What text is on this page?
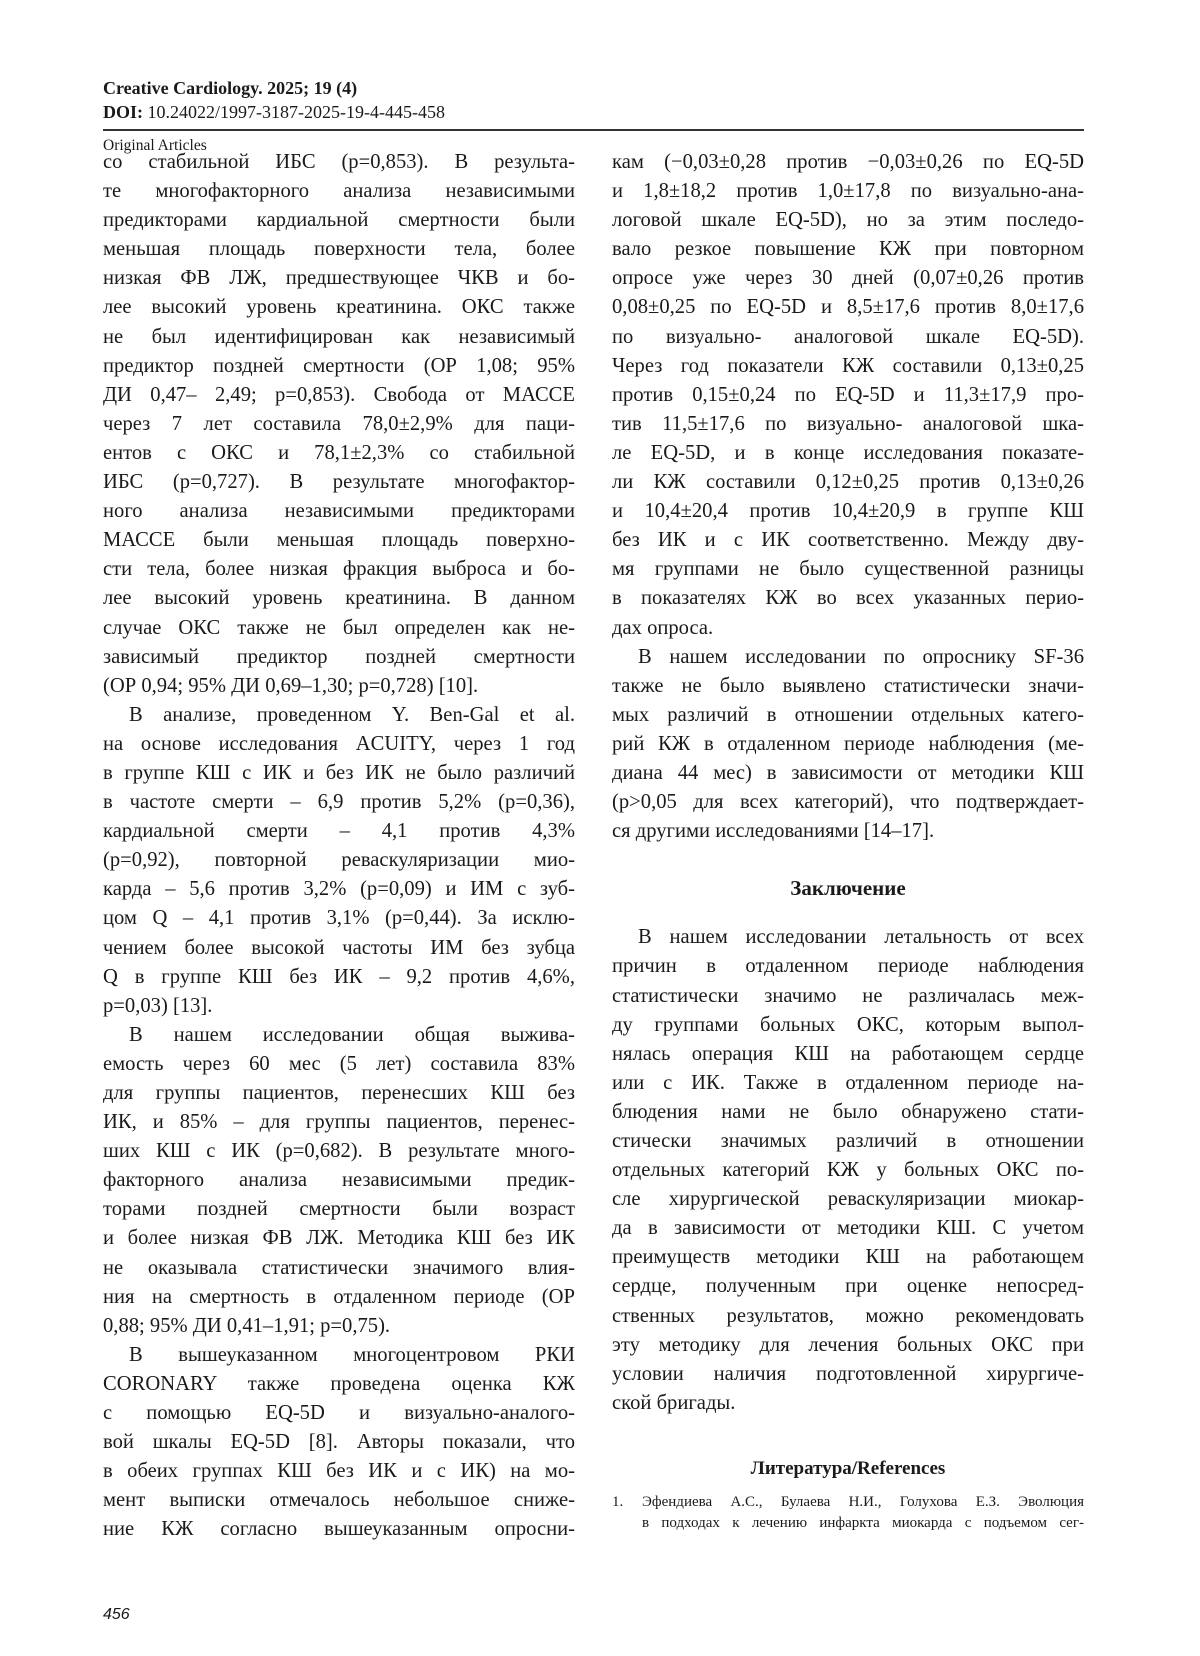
Creative Cardiology. 2025; 19 (4)
DOI: 10.24022/1997-3187-2025-19-4-445-458
Original Articles
со стабильной ИБС (р=0,853). В результа-
те многофакторного анализа независимыми
предикторами кардиальной смертности были
меньшая площадь поверхности тела, более
низкая ФВ ЛЖ, предшествующее ЧКВ и бо-
лее высокий уровень креатинина. ОКС также
не был идентифицирован как независимый
предиктор поздней смертности (ОР 1,08; 95%
ДИ 0,47– 2,49; р=0,853). Свобода от МАССЕ
через 7 лет составила 78,0±2,9% для паци-
ентов с ОКС и 78,1±2,3% со стабильной
ИБС (р=0,727). В результате многофактор-
ного анализа независимыми предикторами
МАССЕ были меньшая площадь поверхно-
сти тела, более низкая фракция выброса и бо-
лее высокий уровень креатинина. В данном
случае ОКС также не был определен как не-
зависимый предиктор поздней смертности
(ОР 0,94; 95% ДИ 0,69–1,30; р=0,728) [10].
В анализе, проведенном Y. Ben-Gal et al.
на основе исследования ACUITY, через 1 год
в группе КШ с ИК и без ИК не было различий
в частоте смерти – 6,9 против 5,2% (р=0,36),
кардиальной смерти – 4,1 против 4,3%
(р=0,92), повторной реваскуляризации мио-
карда – 5,6 против 3,2% (р=0,09) и ИМ с зуб-
цом Q – 4,1 против 3,1% (р=0,44). За исклю-
чением более высокой частоты ИМ без зубца
Q в группе КШ без ИК – 9,2 против 4,6%,
р=0,03) [13].
В нашем исследовании общая выжива-
емость через 60 мес (5 лет) составила 83%
для группы пациентов, перенесших КШ без
ИК, и 85% – для группы пациентов, перенес-
ших КШ с ИК (р=0,682). В результате много-
факторного анализа независимыми предик-
торами поздней смертности были возраст
и более низкая ФВ ЛЖ. Методика КШ без ИК
не оказывала статистически значимого влия-
ния на смертность в отдаленном периоде (ОР
0,88; 95% ДИ 0,41–1,91; р=0,75).
В вышеуказанном многоцентровом РКИ
CORONARY также проведена оценка КЖ
с помощью EQ-5D и визуально-аналого-
вой шкалы EQ-5D [8]. Авторы показали, что
в обеих группах КШ без ИК и с ИК) на мо-
мент выписки отмечалось небольшое сниже-
ние КЖ согласно вышеуказанным опросни-
кам (−0,03±0,28 против −0,03±0,26 по EQ-5D
и 1,8±18,2 против 1,0±17,8 по визуально-ана-
логовой шкале EQ-5D), но за этим последо-
вало резкое повышение КЖ при повторном
опросе уже через 30 дней (0,07±0,26 против
0,08±0,25 по EQ-5D и 8,5±17,6 против 8,0±17,6
по визуально- аналоговой шкале EQ-5D).
Через год показатели КЖ составили 0,13±0,25
против 0,15±0,24 по EQ-5D и 11,3±17,9 про-
тив 11,5±17,6 по визуально- аналоговой шка-
ле EQ-5D, и в конце исследования показате-
ли КЖ составили 0,12±0,25 против 0,13±0,26
и 10,4±20,4 против 10,4±20,9 в группе КШ
без ИК и с ИК соответственно. Между дву-
мя группами не было существенной разницы
в показателях КЖ во всех указанных перио-
дах опроса.
В нашем исследовании по опроснику SF-36
также не было выявлено статистически значи-
мых различий в отношении отдельных катего-
рий КЖ в отдаленном периоде наблюдения (ме-
диана 44 мес) в зависимости от методики КШ
(p>0,05 для всех категорий), что подтверждает-
ся другими исследованиями [14–17].
Заключение
В нашем исследовании летальность от всех
причин в отдаленном периоде наблюдения
статистически значимо не различалась меж-
ду группами больных ОКС, которым выпол-
нялась операция КШ на работающем сердце
или с ИК. Также в отдаленном периоде на-
блюдения нами не было обнаружено стати-
стически значимых различий в отношении
отдельных категорий КЖ у больных ОКС по-
сле хирургической реваскуляризации миокар-
да в зависимости от методики КШ. С учетом
преимуществ методики КШ на работающем
сердце, полученным при оценке непосред-
ственных результатов, можно рекомендовать
эту методику для лечения больных ОКС при
условии наличия подготовленной хирургиче-
ской бригады.
Литература/References
1. Эфендиева А.С., Булаева Н.И., Голухова Е.З. Эволюция
в подходах к лечению инфаркта миокарда с подъемом сег-
456
